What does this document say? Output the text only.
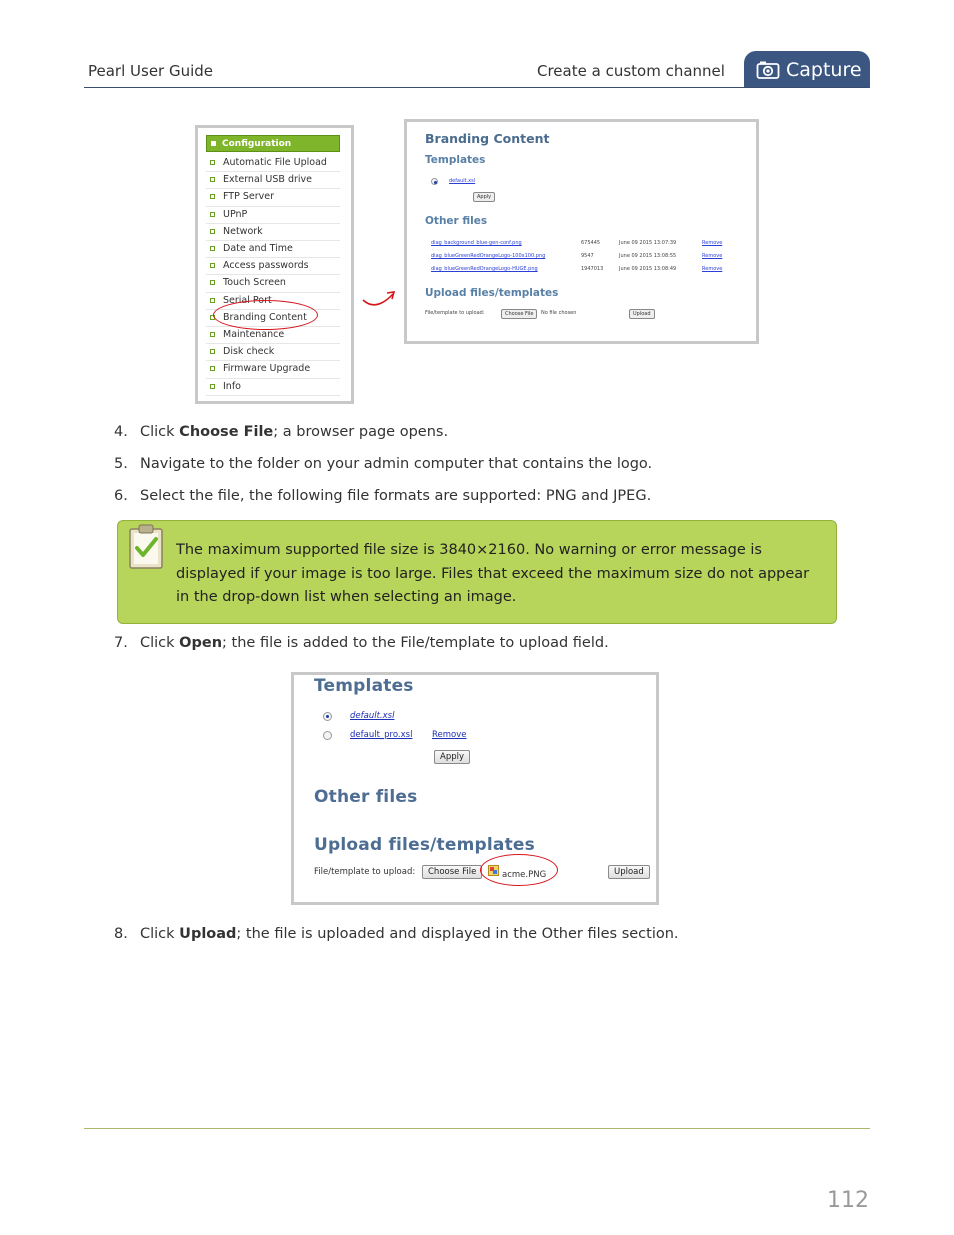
Pearl User Guide	Create a custom channel	Capture
Configuration
Automatic File Upload
External USB drive
FTP Server
UPnP
Network
Date and Time
Access passwords
Touch Screen
Serial Port
Branding Content
Maintenance
Disk check
Firmware Upgrade
Info
Branding Content
Templates
default.xsl
Apply
Other files
diag_background_blue-gen-conf.png	675445	June 09 2015 13:07:39	Remove
diag_blueGreenRedOrangeLogo-100x100.png	9547	June 09 2015 13:08:55	Remove
diag_blueGreenRedOrangeLogo-HUGE.png	1947013	June 09 2015 13:08:49	Remove
Upload files/templates
File/template to upload:	Choose File	No file chosen	Upload
4. Click Choose File; a browser page opens.
5. Navigate to the folder on your admin computer that contains the logo.
6. Select the file, the following file formats are supported: PNG and JPEG.
The maximum supported file size is 3840×2160. No warning or error message is displayed if your image is too large. Files that exceed the maximum size do not appear in the drop-down list when selecting an image.
7. Click Open; the file is added to the File/template to upload field.
Templates
default.xsl
default_pro.xsl Remove
Apply
Other files
Upload files/templates
File/template to upload:	Choose File	acme.PNG	Upload
8. Click Upload; the file is uploaded and displayed in the Other files section.
112
